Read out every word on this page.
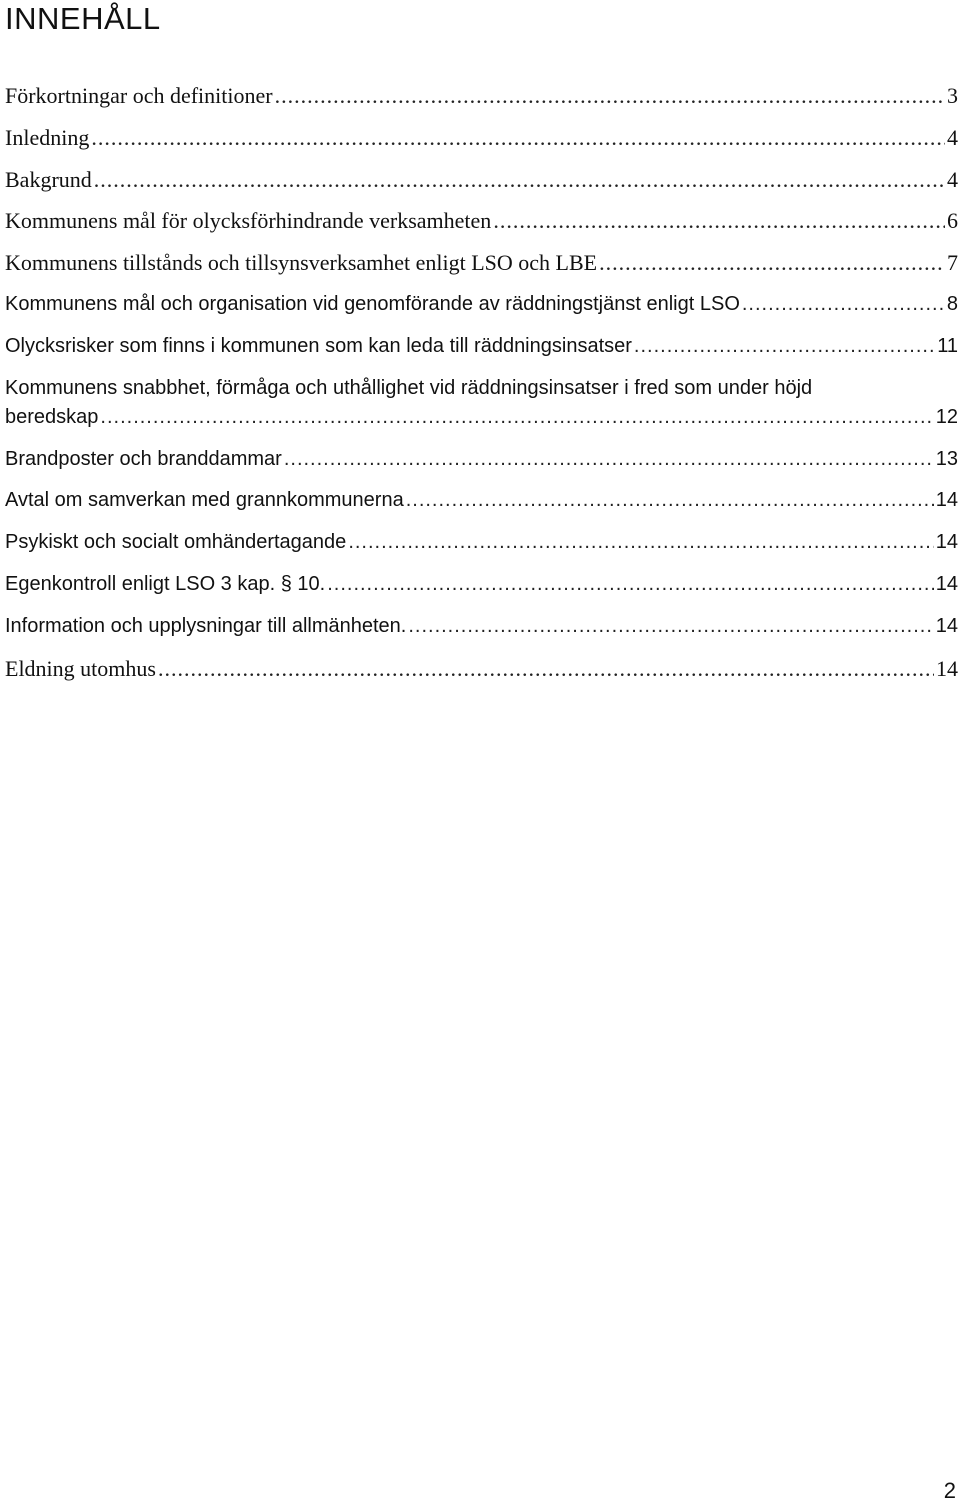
INNEHÅLL
Förkortningar och definitioner .....	3
Inledning .....	4
Bakgrund .....	4
Kommunens mål för olycksförhindrande verksamheten .....	6
Kommunens tillstånds och tillsynsverksamhet enligt LSO och LBE .....	7
Kommunens mål och organisation vid genomförande av räddningstjänst enligt LSO .....	8
Olycksrisker som finns i kommunen som kan leda till räddningsinsatser .....	11
Kommunens snabbhet, förmåga och uthållighet vid räddningsinsatser i fred som under höjd
beredskap .....	12
Brandposter och branddammar .....	13
Avtal om samverkan med grannkommunerna .....	14
Psykiskt och socialt omhändertagande .....	14
Egenkontroll enligt LSO 3 kap. § 10. .....	14
Information och upplysningar till allmänheten. .....	14
Eldning utomhus .....	14
2
